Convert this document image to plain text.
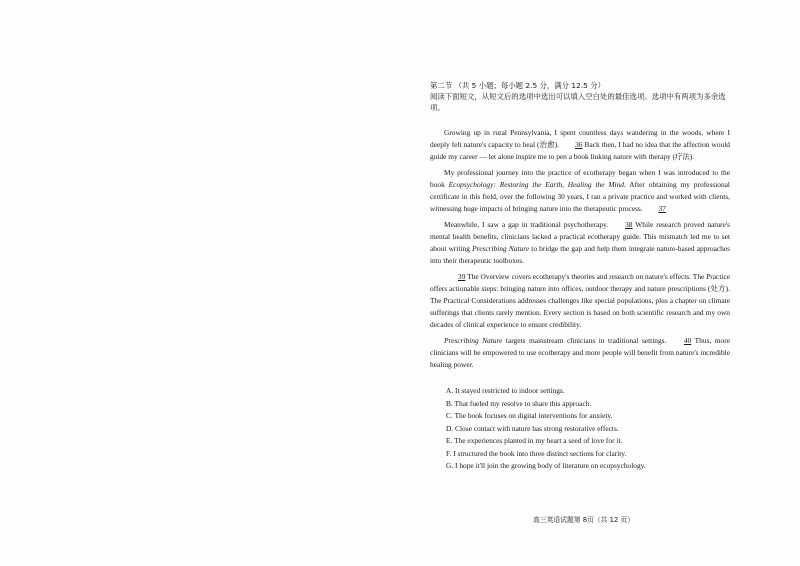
第二节 （共 5 小题；每小题 2.5 分，满分 12.5 分）
阅读下面短文，从短文后的选项中选出可以填入空白处的最佳选项。选项中有两项为多余选项。

Growing up in rural Pennsylvania, I spent countless days wandering in the woods, where I deeply felt nature's capacity to heal (治愈). 36 Back then, I had no idea that the affection would guide my career — let alone inspire me to pen a book linking nature with therapy (疗法).

My professional journey into the practice of ecotherapy began when I was introduced to the book Ecopsychology: Restoring the Earth, Healing the Mind. After obtaining my professional certificate in this field, over the following 30 years, I ran a private practice and worked with clients, witnessing huge impacts of bringing nature into the therapeutic process. 37

Meanwhile, I saw a gap in traditional psychotherapy. 38 While research proved nature's mental health benefits, clinicians lacked a practical ecotherapy guide. This mismatch led me to set about writing Prescribing Nature to bridge the gap and help them integrate nature-based approaches into their therapeutic toolboxes.

39 The Overview covers ecotherapy's theories and research on nature's effects. The Practice offers actionable steps: bringing nature into offices, outdoor therapy and nature prescriptions (处方). The Practical Considerations addresses challenges like special populations, plus a chapter on climate sufferings that clients rarely mention. Every section is based on both scientific research and my own decades of clinical experience to ensure credibility.

Prescribing Nature targets mainstream clinicians in traditional settings. 40 Thus, more clinicians will be empowered to use ecotherapy and more people will benefit from nature's incredible healing power.

A. It stayed restricted to indoor settings.
B. That fueled my resolve to share this approach.
C. The book focuses on digital interventions for anxiety.
D. Close contact with nature has strong restorative effects.
E. The experiences planted in my heart a seed of love for it.
F. I structured the book into three distinct sections for clarity.
G. I hope it'll join the growing body of literature on ecopsychology.
高三英语试题第 8页（共 12 页）
